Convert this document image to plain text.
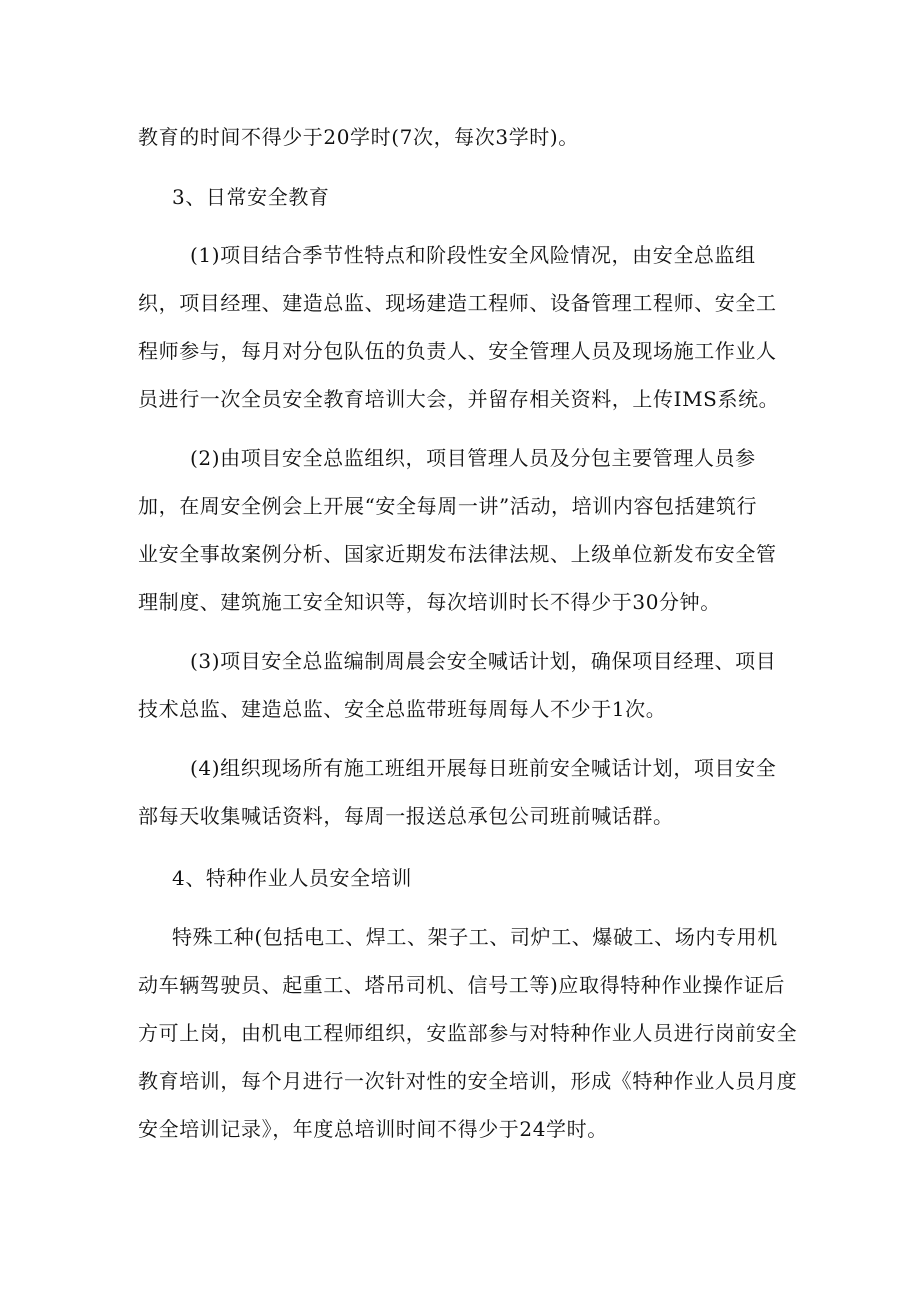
教育的时间不得少于20学时(7次，每次3学时)。
3、日常安全教育
(1)项目结合季节性特点和阶段性安全风险情况，由安全总监组
织，项目经理、建造总监、现场建造工程师、设备管理工程师、安全工
程师参与，每月对分包队伍的负责人、安全管理人员及现场施工作业人
员进行一次全员安全教育培训大会，并留存相关资料，上传IMS系统。
(2)由项目安全总监组织，项目管理人员及分包主要管理人员参
加，在周安全例会上开展“安全每周一讲”活动，培训内容包括建筑行
业安全事故案例分析、国家近期发布法律法规、上级单位新发布安全管
理制度、建筑施工安全知识等，每次培训时长不得少于30分钟。
(3)项目安全总监编制周晨会安全喊话计划，确保项目经理、项目
技术总监、建造总监、安全总监带班每周每人不少于1次。
(4)组织现场所有施工班组开展每日班前安全喊话计划，项目安全
部每天收集喊话资料，每周一报送总承包公司班前喊话群。
4、特种作业人员安全培训
特殊工种(包括电工、焊工、架子工、司炉工、爆破工、场内专用机
动车辆驾驶员、起重工、塔吊司机、信号工等)应取得特种作业操作证后
方可上岗，由机电工程师组织，安监部参与对特种作业人员进行岗前安全
教育培训，每个月进行一次针对性的安全培训，形成《特种作业人员月度
安全培训记录》，年度总培训时间不得少于24学时。
